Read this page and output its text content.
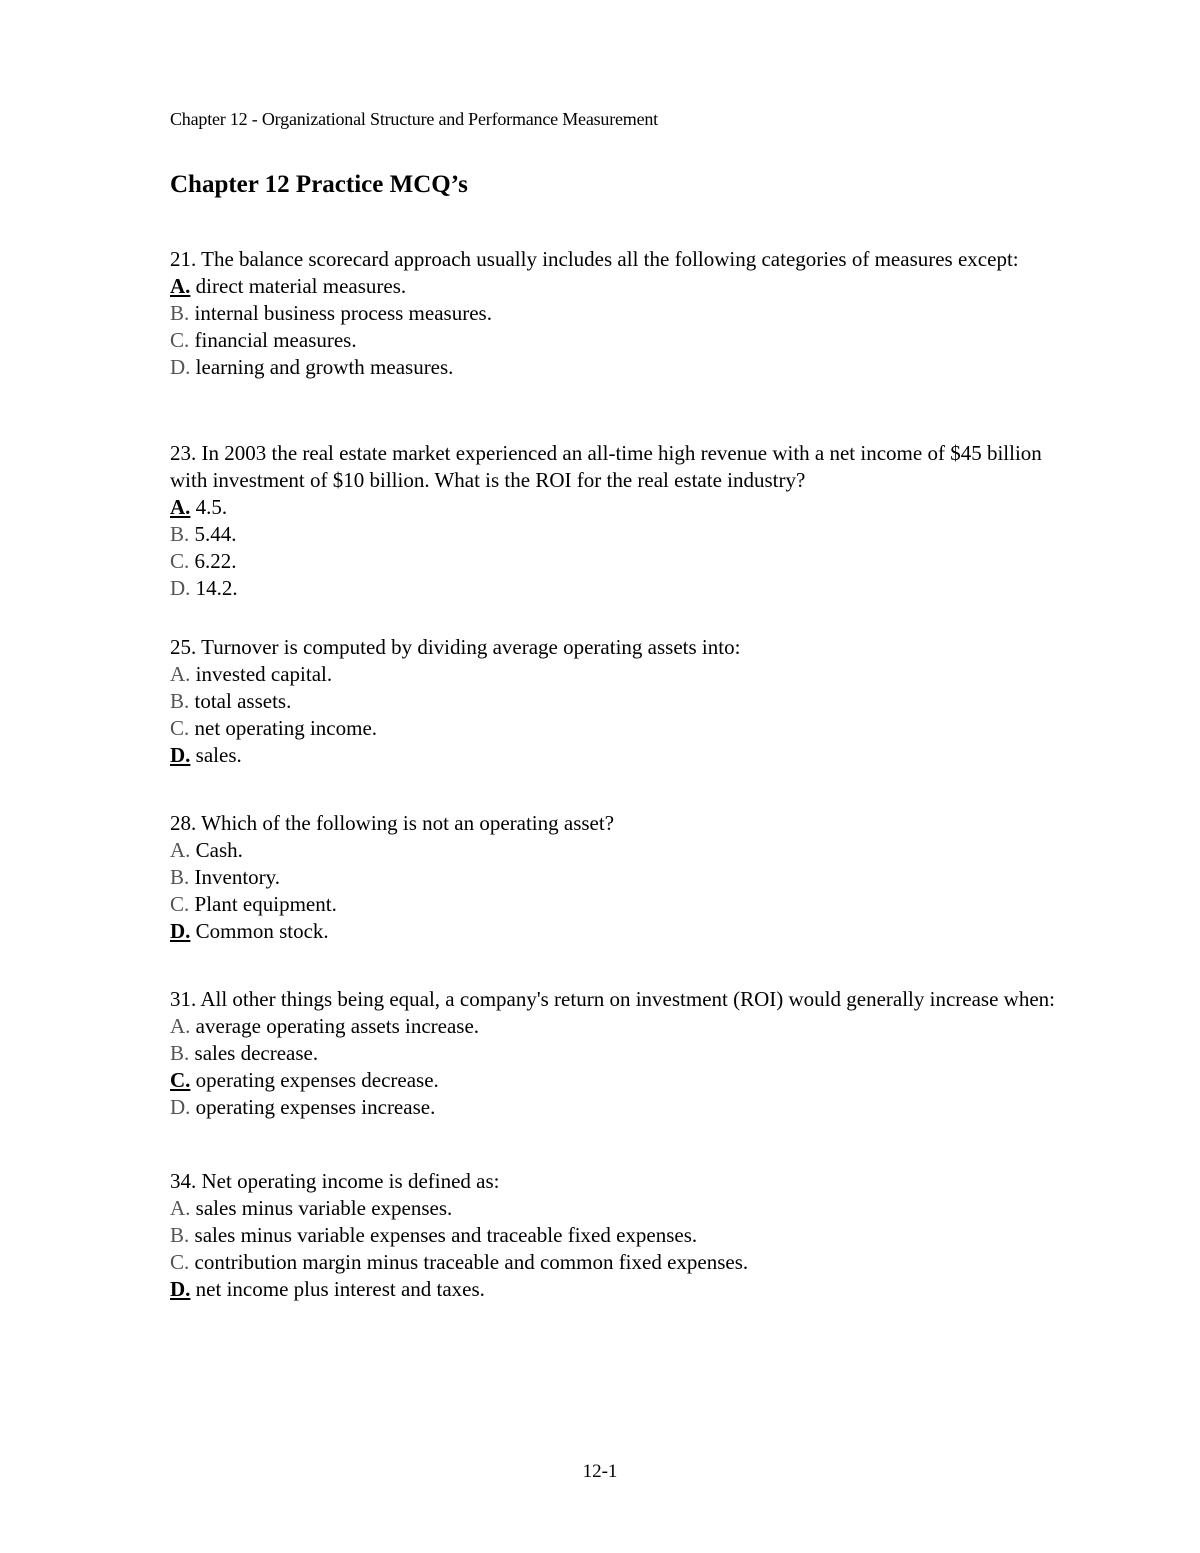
Chapter 12 - Organizational Structure and Performance Measurement
Chapter 12 Practice MCQ’s

21. The balance scorecard approach usually includes all the following categories of measures except:

A. direct material measures.

B. internal business process measures.

C. financial measures.

D. learning and growth measures.

23. In 2003 the real estate market experienced an all-time high revenue with a net income of $45 billion with investment of $10 billion. What is the ROI for the real estate industry?

A. 4.5.

B. 5.44.

C. 6.22.

D. 14.2.

25. Turnover is computed by dividing average operating assets into:

A. invested capital.

B. total assets.

C. net operating income.

D. sales.

28. Which of the following is not an operating asset?

A. Cash.

B. Inventory.

C. Plant equipment.

D. Common stock.

31. All other things being equal, a company's return on investment (ROI) would generally increase when:

A. average operating assets increase.

B. sales decrease.

C. operating expenses decrease.

D. operating expenses increase.

34. Net operating income is defined as:

A. sales minus variable expenses.

B. sales minus variable expenses and traceable fixed expenses.

C. contribution margin minus traceable and common fixed expenses.

D. net income plus interest and taxes.

12-1
